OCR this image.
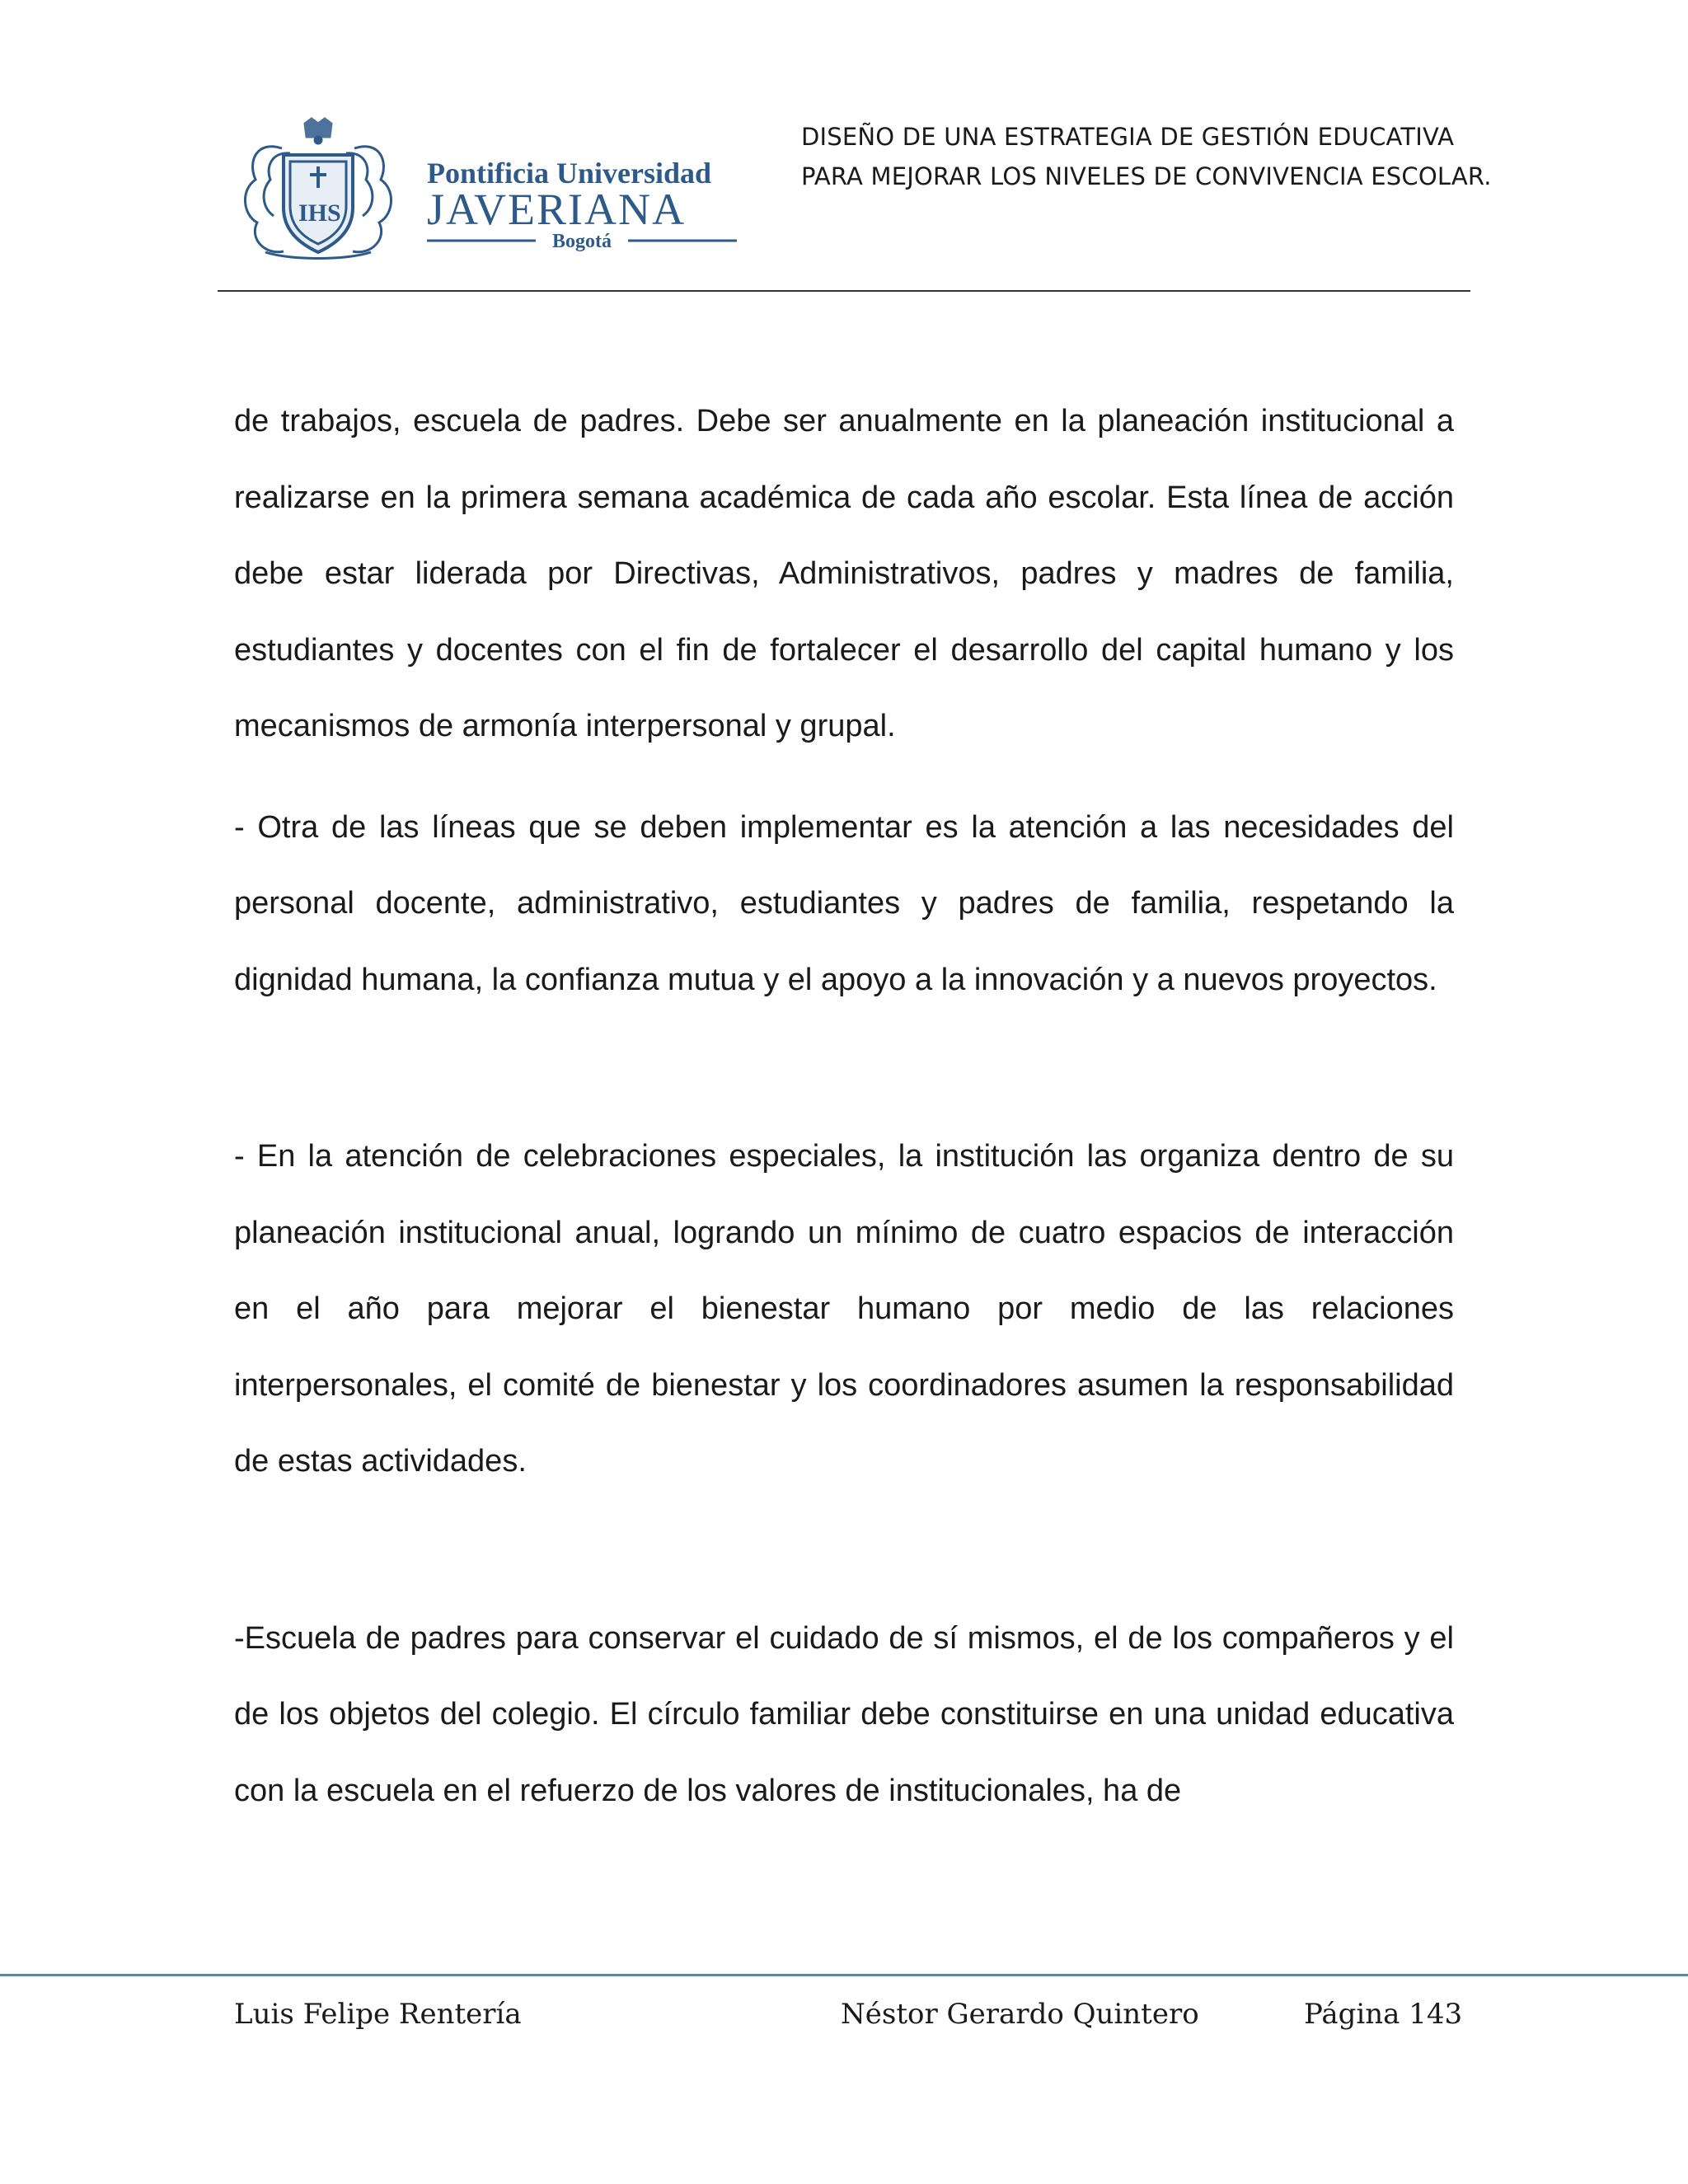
IHS
Pontificia Universidad
JAVERIANA
Bogotá
DISEÑO DE UNA ESTRATEGIA DE GESTIÓN EDUCATIVA
PARA MEJORAR LOS NIVELES DE CONVIVENCIA ESCOLAR.

de trabajos, escuela de padres. Debe ser anualmente en la planeación institucional a realizarse en la primera semana académica de cada año escolar. Esta línea de acción debe estar liderada por Directivas, Administrativos, padres y madres de familia, estudiantes y docentes con el fin de fortalecer el desarrollo del capital humano y los mecanismos de armonía interpersonal y grupal.

- Otra de las líneas que se deben implementar es la atención a las necesidades del personal docente, administrativo, estudiantes y padres de familia, respetando la dignidad humana, la confianza mutua y el apoyo a la innovación y a nuevos proyectos.

- En la atención de celebraciones especiales, la institución las organiza dentro de su planeación institucional anual, logrando un mínimo de cuatro espacios de interacción en el año para mejorar el bienestar humano por medio de las relaciones interpersonales, el comité de bienestar y los coordinadores asumen la responsabilidad de estas actividades.

-Escuela de padres para conservar el cuidado de sí mismos, el de los compañeros y el de los objetos del colegio. El círculo familiar debe constituirse en una unidad educativa con la escuela en el refuerzo de los valores de institucionales, ha de

Luis Felipe Rentería	Néstor Gerardo Quintero	Página 143
